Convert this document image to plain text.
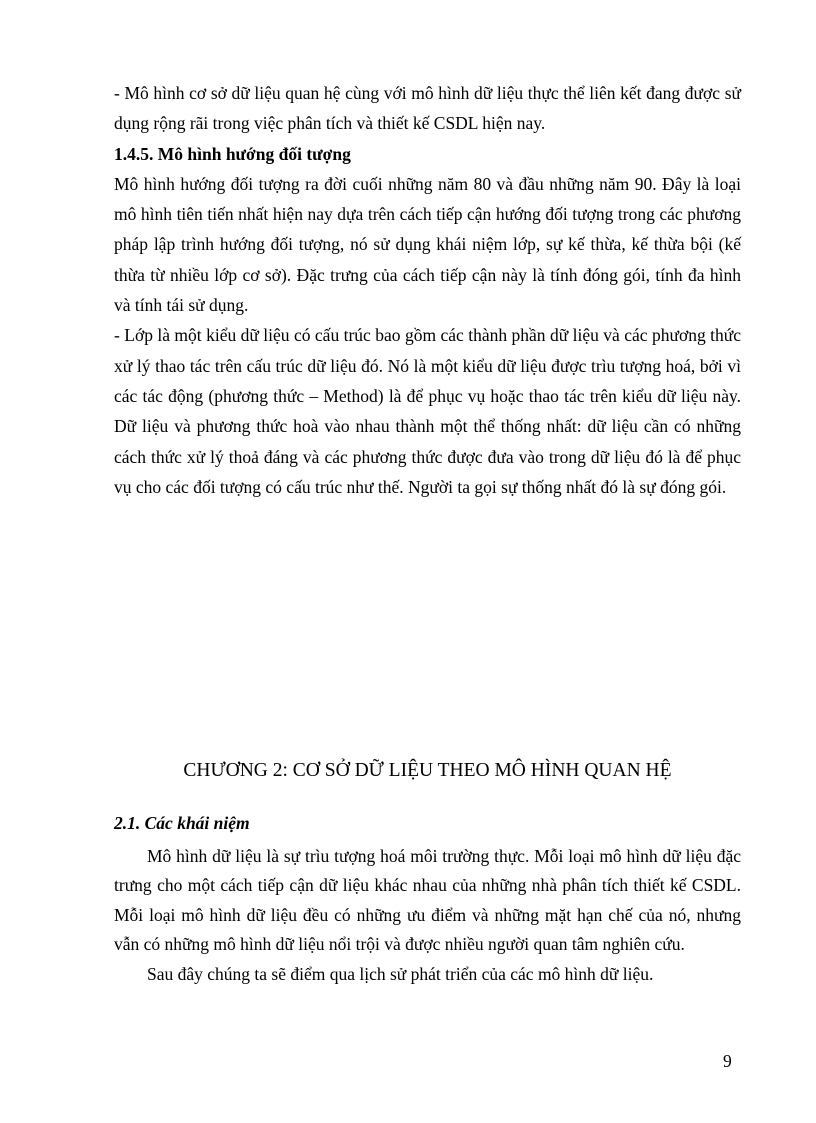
- Mô hình cơ sở dữ liệu quan hệ cùng với mô hình dữ liệu thực thể liên kết đang được sử dụng rộng rãi trong việc phân tích và thiết kế CSDL hiện nay.

1.4.5. Mô hình hướng đối tượng

Mô hình hướng đối tượng ra đời cuối những năm 80 và đầu những năm 90. Đây là loại mô hình tiên tiến nhất hiện nay dựa trên cách tiếp cận hướng đối tượng trong các phương pháp lập trình hướng đối tượng, nó sử dụng khái niệm lớp, sự kế thừa, kế thừa bội (kế thừa từ nhiều lớp cơ sở). Đặc trưng của cách tiếp cận này là tính đóng gói, tính đa hình và tính tái sử dụng.

- Lớp là một kiểu dữ liệu có cấu trúc bao gồm các thành phần dữ liệu và các phương thức xử lý thao tác trên cấu trúc dữ liệu đó. Nó là một kiểu dữ liệu được trìu tượng hoá, bởi vì các tác động (phương thức – Method) là để phục vụ hoặc thao tác trên kiểu dữ liệu này. Dữ liệu và phương thức hoà vào nhau thành một thể thống nhất: dữ liệu cần có những cách thức xử lý thoả đáng và các phương thức được đưa vào trong dữ liệu đó là để phục vụ cho các đối tượng có cấu trúc như thế. Người ta gọi sự thống nhất đó là sự đóng gói.

CHƯƠNG 2: CƠ SỞ DỮ LIỆU THEO MÔ HÌNH QUAN HỆ
2.1. Các khái niệm

Mô hình dữ liệu là sự trìu tượng hoá môi trường thực. Mỗi loại mô hình dữ liệu đặc trưng cho một cách tiếp cận dữ liệu khác nhau của những nhà phân tích thiết kế CSDL. Mỗi loại mô hình dữ liệu đều có những ưu điểm và những mặt hạn chế của nó, nhưng vẫn có những mô hình dữ liệu nổi trội và được nhiều người quan tâm nghiên cứu.

Sau đây chúng ta sẽ điểm qua lịch sử phát triển của các mô hình dữ liệu.

9
